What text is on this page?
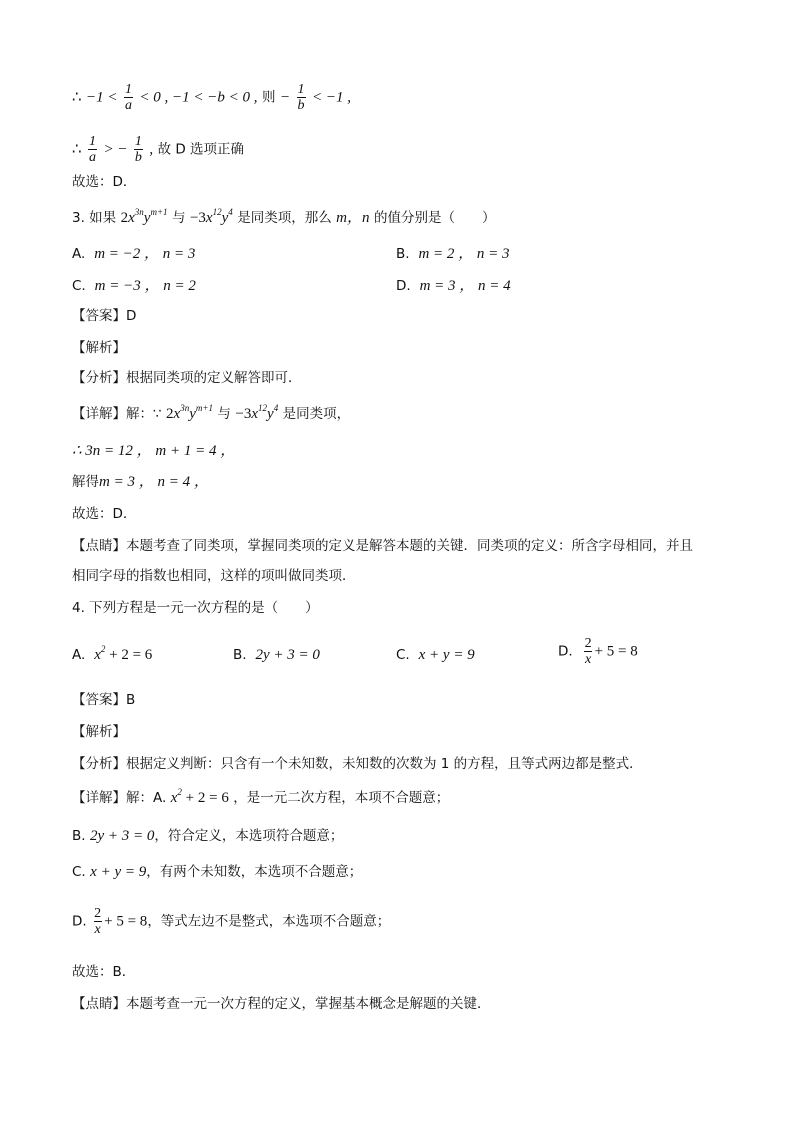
∴ $-1 < \frac{1}{a} < 0$ , −1 < −b < 0 , 则 − $\frac{1}{b} < -1$ ,
∴ $\frac{1}{a}$ > − $\frac{1}{b}$ , 故 D 选项正确
故选：D．
3. 如果 $2x^{3n}y^{m+1}$ 与 $-3x^{12}y^4$ 是同类项，那么 m，n 的值分别是（　　）
A. m = −2 ， n = 3	B. m = 2 ， n = 3
C. m = −3 ， n = 2	D. m = 3 ， n = 4
【答案】D
【解析】
【分析】根据同类项的定义解答即可．
【详解】解：∵ $2x^{3n}y^{m+1}$ 与 $-3x^{12}y^4$ 是同类项，
∴ 3n = 12 ， m + 1 = 4 ，
解得m = 3 ， n = 4 ，
故选：D．
【点睛】本题考查了同类项，掌握同类项的定义是解答本题的关键．同类项的定义：所含字母相同，并且
相同字母的指数也相同，这样的项叫做同类项．
4. 下列方程是一元一次方程的是（　　）
A. $x^2 + 2 = 6$	B. 2y + 3 = 0	C. x + y = 9	D. $\frac{2}{x} + 5 = 8$
【答案】B
【解析】
【分析】根据定义判断：只含有一个未知数，未知数的次数为 1 的方程，且等式两边都是整式．
【详解】解：A. $x^2 + 2 = 6$ ，是一元二次方程，本项不合题意；
B. 2y + 3 = 0，符合定义，本选项符合题意；
C. x + y = 9，有两个未知数，本选项不合题意；
D. $\frac{2}{x} + 5 = 8$，等式左边不是整式，本选项不合题意；
故选：B．
【点睛】本题考查一元一次方程的定义，掌握基本概念是解题的关键．
